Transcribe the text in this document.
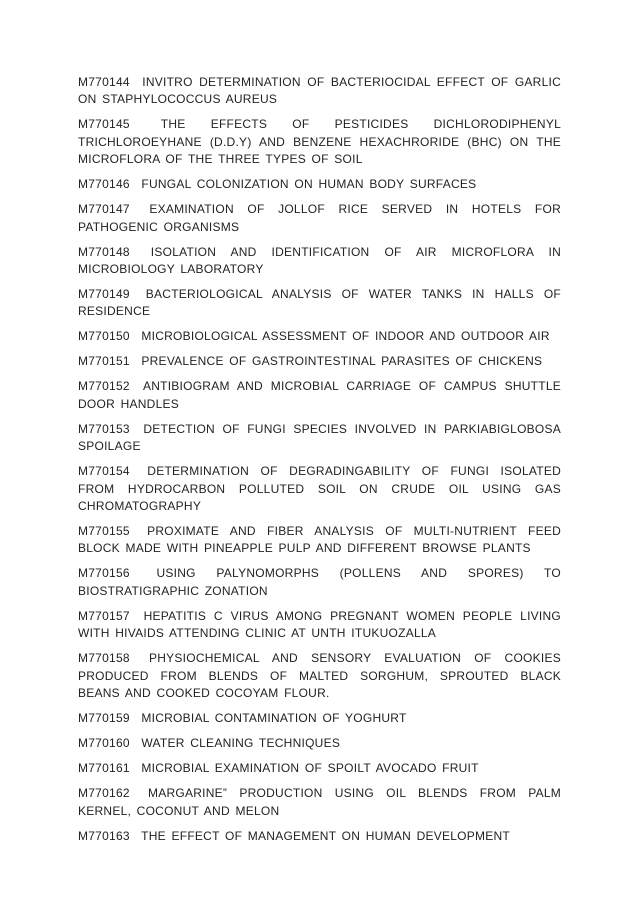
M770144 INVITRO DETERMINATION OF BACTERIOCIDAL EFFECT OF GARLIC ON STAPHYLOCOCCUS AUREUS
M770145	THE EFFECTS OF PESTICIDES DICHLORODIPHENYL TRICHLOROEYHANE (D.D.Y) AND BENZENE HEXACHRORIDE (BHC) ON THE MICROFLORA OF THE THREE TYPES OF SOIL
M770146 FUNGAL COLONIZATION ON HUMAN BODY SURFACES
M770147 EXAMINATION OF JOLLOF RICE SERVED IN HOTELS FOR PATHOGENIC ORGANISMS
M770148 ISOLATION AND IDENTIFICATION OF AIR MICROFLORA IN MICROBIOLOGY LABORATORY
M770149 BACTERIOLOGICAL ANALYSIS OF WATER TANKS IN HALLS OF RESIDENCE
M770150 MICROBIOLOGICAL ASSESSMENT OF INDOOR AND OUTDOOR AIR
M770151 PREVALENCE OF GASTROINTESTINAL PARASITES OF CHICKENS
M770152 ANTIBIOGRAM AND MICROBIAL CARRIAGE OF CAMPUS SHUTTLE DOOR HANDLES
M770153 DETECTION OF FUNGI SPECIES INVOLVED IN PARKIABIGLOBOSA SPOILAGE
M770154 DETERMINATION OF DEGRADINGABILITY OF FUNGI ISOLATED FROM HYDROCARBON POLLUTED SOIL ON CRUDE OIL USING GAS CHROMATOGRAPHY
M770155 PROXIMATE AND FIBER ANALYSIS OF MULTI-NUTRIENT FEED BLOCK MADE WITH PINEAPPLE PULP AND DIFFERENT BROWSE PLANTS
M770156 USING PALYNOMORPHS (POLLENS AND SPORES) TO BIOSTRATIGRAPHIC ZONATION
M770157 HEPATITIS C VIRUS AMONG PREGNANT WOMEN PEOPLE LIVING WITH HIVAIDS ATTENDING CLINIC AT UNTH ITUKUOZALLA
M770158 PHYSIOCHEMICAL AND SENSORY EVALUATION OF COOKIES PRODUCED FROM BLENDS OF MALTED SORGHUM, SPROUTED BLACK BEANS AND COOKED COCOYAM FLOUR.
M770159 MICROBIAL CONTAMINATION OF YOGHURT
M770160 WATER CLEANING TECHNIQUES
M770161 MICROBIAL EXAMINATION OF SPOILT AVOCADO FRUIT
M770162 MARGARINE” PRODUCTION USING OIL BLENDS FROM PALM KERNEL, COCONUT AND MELON
M770163 THE EFFECT OF MANAGEMENT ON HUMAN DEVELOPMENT
